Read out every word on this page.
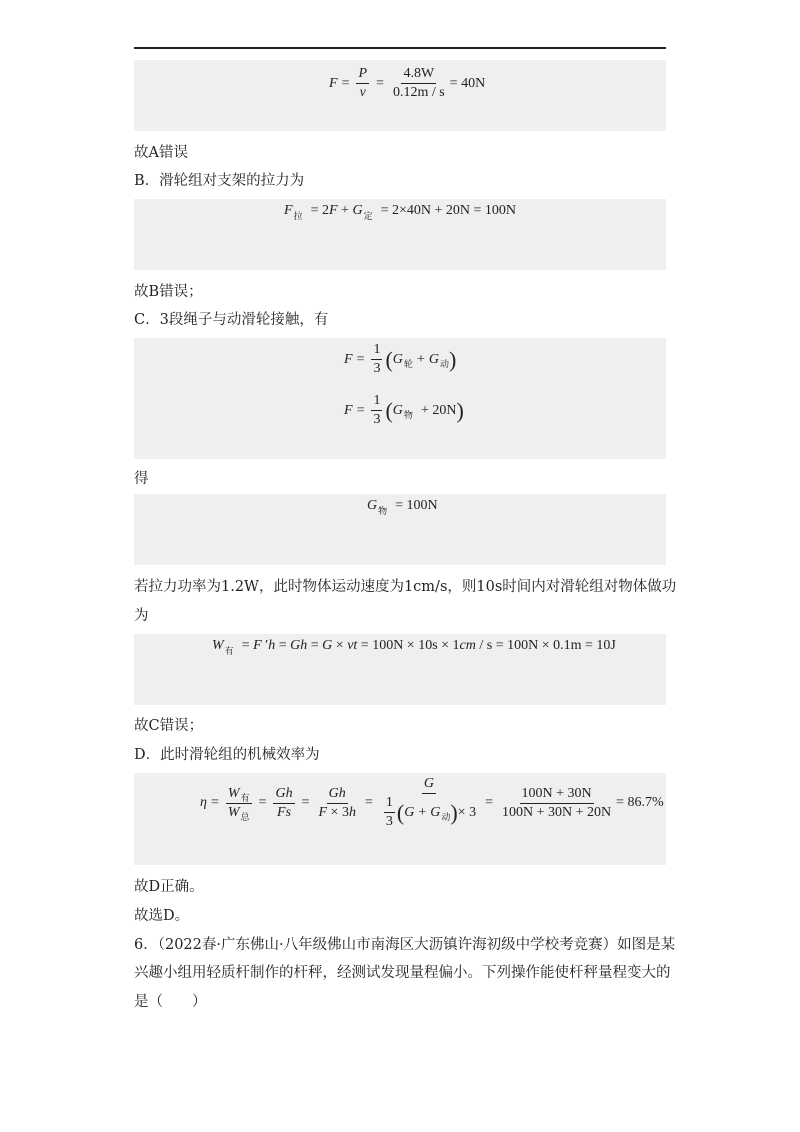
$F = \frac{P}{v} = \frac{4.8W}{0.12m / s} = 40N$
故A错误
B．滑轮组对支架的拉力为
F 拉 = 2F + G 定 = 2×40N + 20N = 100N
故B错误；
C．3段绳子与动滑轮接触，有
$F = \frac{1}{3}$ ( G 轮 + G 动 )
$F = \frac{1}{3}$ ( G 物 + 20N )
得
G 物 = 100N
若拉力功率为1.2W，此时物体运动速度为1cm/s，则10s时间内对滑轮组对物体做功
为
W 有 = F ′h = Gh = G × vt = 100N × 10s × 1cm / s = 100N × 0.1m = 10J
故C错误；
D．此时滑轮组的机械效率为
$\eta = \frac{W_有}{W_总} = \frac{Gh}{Fs} = \frac{Gh}{F \times 3h} = \frac{G}{\frac{1}{3} ( G + G 动 ) \times 3} = \frac{100N + 30N}{100N + 30N + 20N} = 86.7\%$
故D正确。
故选D。
6．（2022春·广东佛山·八年级佛山市南海区大沥镇许海初级中学校考竞赛）如图是某
兴趣小组用轻质杆制作的杆秤，经测试发现量程偏小。下列操作能使杆秤量程变大的
是（　　）
